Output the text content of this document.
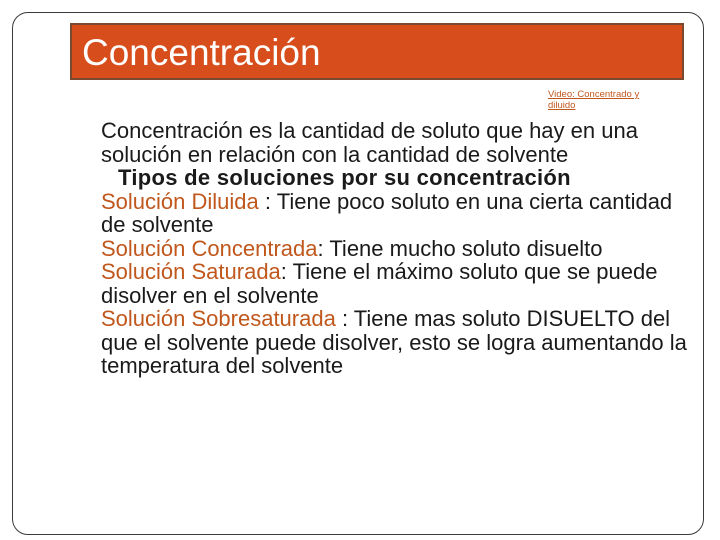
Concentración
Video: Concentrado y diluido

Concentración es la cantidad de soluto que hay en una solución en relación con la cantidad de solvente

Tipos de soluciones por su concentración

Solución Diluida : Tiene poco soluto en una cierta cantidad de solvente

Solución Concentrada: Tiene mucho soluto disuelto

Solución Saturada: Tiene el máximo soluto que se puede disolver en el solvente

Solución Sobresaturada : Tiene mas soluto DISUELTO del que el solvente puede disolver, esto se logra aumentando la temperatura del solvente
